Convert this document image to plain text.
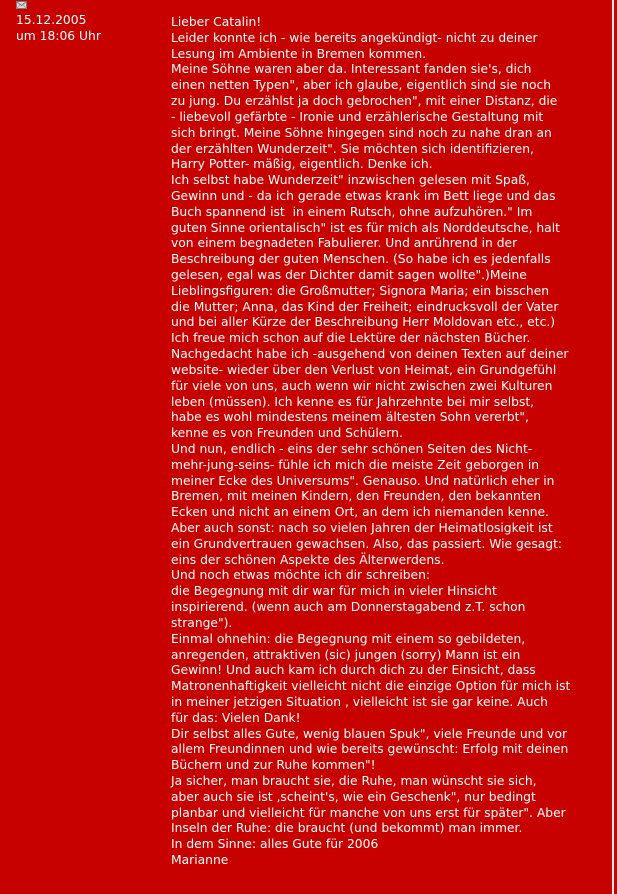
15.12.2005
um 18:06 Uhr
Lieber Catalin!
Leider konnte ich - wie bereits angekündigt- nicht zu deiner
Lesung im Ambiente in Bremen kommen.
Meine Söhne waren aber da. Interessant fanden sie's, dich
einen netten Typen", aber ich glaube, eigentlich sind sie noch
zu jung. Du erzählst ja doch gebrochen", mit einer Distanz, die
- liebevoll gefärbte - Ironie und erzählerische Gestaltung mit
sich bringt. Meine Söhne hingegen sind noch zu nahe dran an
der erzählten Wunderzeit". Sie möchten sich identifizieren,
Harry Potter- mäßig, eigentlich. Denke ich.
Ich selbst habe Wunderzeit" inzwischen gelesen mit Spaß,
Gewinn und - da ich gerade etwas krank im Bett liege und das
Buch spannend ist  in einem Rutsch, ohne aufzuhören." Im
guten Sinne orientalisch" ist es für mich als Norddeutsche, halt
von einem begnadeten Fabulierer. Und anrührend in der
Beschreibung der guten Menschen. (So habe ich es jedenfalls
gelesen, egal was der Dichter damit sagen wollte".)Meine
Lieblingsfiguren: die Großmutter; Signora Maria; ein bisschen
die Mutter; Anna, das Kind der Freiheit; eindrucksvoll der Vater
und bei aller Kürze der Beschreibung Herr Moldovan etc., etc.)
Ich freue mich schon auf die Lektüre der nächsten Bücher.
Nachgedacht habe ich -ausgehend von deinen Texten auf deiner
website- wieder über den Verlust von Heimat, ein Grundgefühl
für viele von uns, auch wenn wir nicht zwischen zwei Kulturen
leben (müssen). Ich kenne es für Jahrzehnte bei mir selbst,
habe es wohl mindestens meinem ältesten Sohn vererbt",
kenne es von Freunden und Schülern.
Und nun, endlich - eins der sehr schönen Seiten des Nicht-
mehr-jung-seins- fühle ich mich die meiste Zeit geborgen in
meiner Ecke des Universums". Genauso. Und natürlich eher in
Bremen, mit meinen Kindern, den Freunden, den bekannten
Ecken und nicht an einem Ort, an dem ich niemanden kenne.
Aber auch sonst: nach so vielen Jahren der Heimatlosigkeit ist
ein Grundvertrauen gewachsen. Also, das passiert. Wie gesagt:
eins der schönen Aspekte des Älterwerdens.
Und noch etwas möchte ich dir schreiben:
die Begegnung mit dir war für mich in vieler Hinsicht
inspirierend. (wenn auch am Donnerstagabend z.T. schon
strange").
Einmal ohnehin: die Begegnung mit einem so gebildeten,
anregenden, attraktiven (sic) jungen (sorry) Mann ist ein
Gewinn! Und auch kam ich durch dich zu der Einsicht, dass
Matronenhaftigkeit vielleicht nicht die einzige Option für mich ist
in meiner jetzigen Situation , vielleicht ist sie gar keine. Auch
für das: Vielen Dank!
Dir selbst alles Gute, wenig blauen Spuk", viele Freunde und vor
allem Freundinnen und wie bereits gewünscht: Erfolg mit deinen
Büchern und zur Ruhe kommen"!
Ja sicher, man braucht sie, die Ruhe, man wünscht sie sich,
aber auch sie ist ‚scheint's, wie ein Geschenk", nur bedingt
planbar und vielleicht für manche von uns erst für später". Aber
Inseln der Ruhe: die braucht (und bekommt) man immer.
In dem Sinne: alles Gute für 2006
Marianne
